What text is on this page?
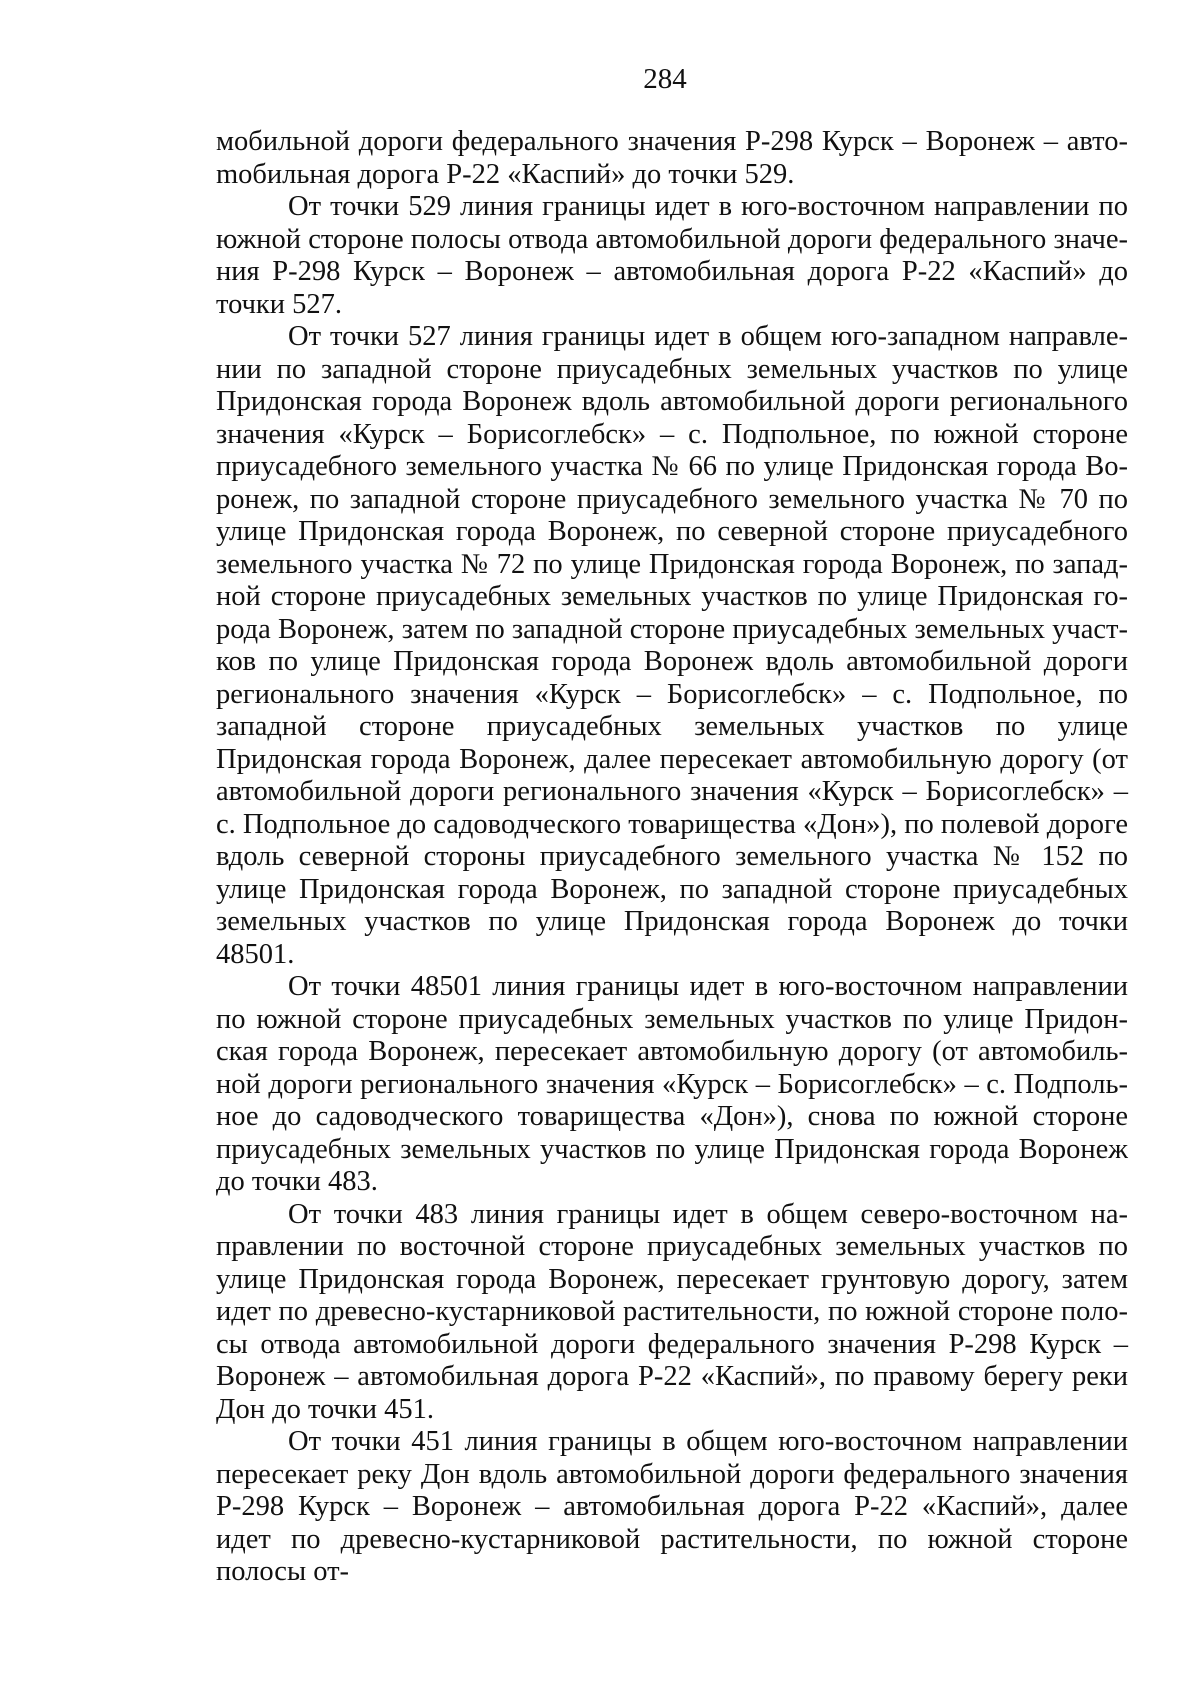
284

мобильной дороги федерального значения Р-298 Курск – Воронеж – автоmобильная дорога Р-22 «Каспий» до точки 529.

От точки 529 линия границы идет в юго-восточном направлении по южной стороне полосы отвода автомобильной дороги федерального значения Р-298 Курск – Воронеж – автомобильная дорога Р-22 «Каспий» до точки 527.

От точки 527 линия границы идет в общем юго-западном направлении по западной стороне приусадебных земельных участков по улице Придонская города Воронеж вдоль автомобильной дороги регионального значения «Курск – Борисоглебск» – с. Подпольное, по южной стороне приусадебного земельного участка № 66 по улице Придонская города Воронеж, по западной стороне приусадебного земельного участка № 70 по улице Придонская города Воронеж, по северной стороне приусадебного земельного участка № 72 по улице Придонская города Воронеж, по западной стороне приусадебных земельных участков по улице Придонская города Воронеж, затем по западной стороне приусадебных земельных участков по улице Придонская города Воронеж вдоль автомобильной дороги регионального значения «Курск – Борисоглебск» – с. Подпольное, по западной стороне приусадебных земельных участков по улице Придонская города Воронеж, далее пересекает автомобильную дорогу (от автомобильной дороги регионального значения «Курск – Борисоглебск» – с. Подпольное до садоводческого товарищества «Дон»), по полевой дороге вдоль северной стороны приусадебного земельного участка № 152 по улице Придонская города Воронеж, по западной стороне приусадебных земельных участков по улице Придонская города Воронеж до точки 48501.

От точки 48501 линия границы идет в юго-восточном направлении по южной стороне приусадебных земельных участков по улице Придонская города Воронеж, пересекает автомобильную дорогу (от автомобильной дороги регионального значения «Курск – Борисоглебск» – с. Подпольное до садоводческого товарищества «Дон»), снова по южной стороне приусадебных земельных участков по улице Придонская города Воронеж до точки 483.

От точки 483 линия границы идет в общем северо-восточном направлении по восточной стороне приусадебных земельных участков по улице Придонская города Воронеж, пересекает грунтовую дорогу, затем идет по древесно-кустарниковой растительности, по южной стороне полосы отвода автомобильной дороги федерального значения Р-298 Курск – Воронеж – автомобильная дорога Р-22 «Каспий», по правому берегу реки Дон до точки 451.

От точки 451 линия границы в общем юго-восточном направлении пересекает реку Дон вдоль автомобильной дороги федерального значения Р-298 Курск – Воронеж – автомобильная дорога Р-22 «Каспий», далее идет по древесно-кустарниковой растительности, по южной стороне полосы от-
